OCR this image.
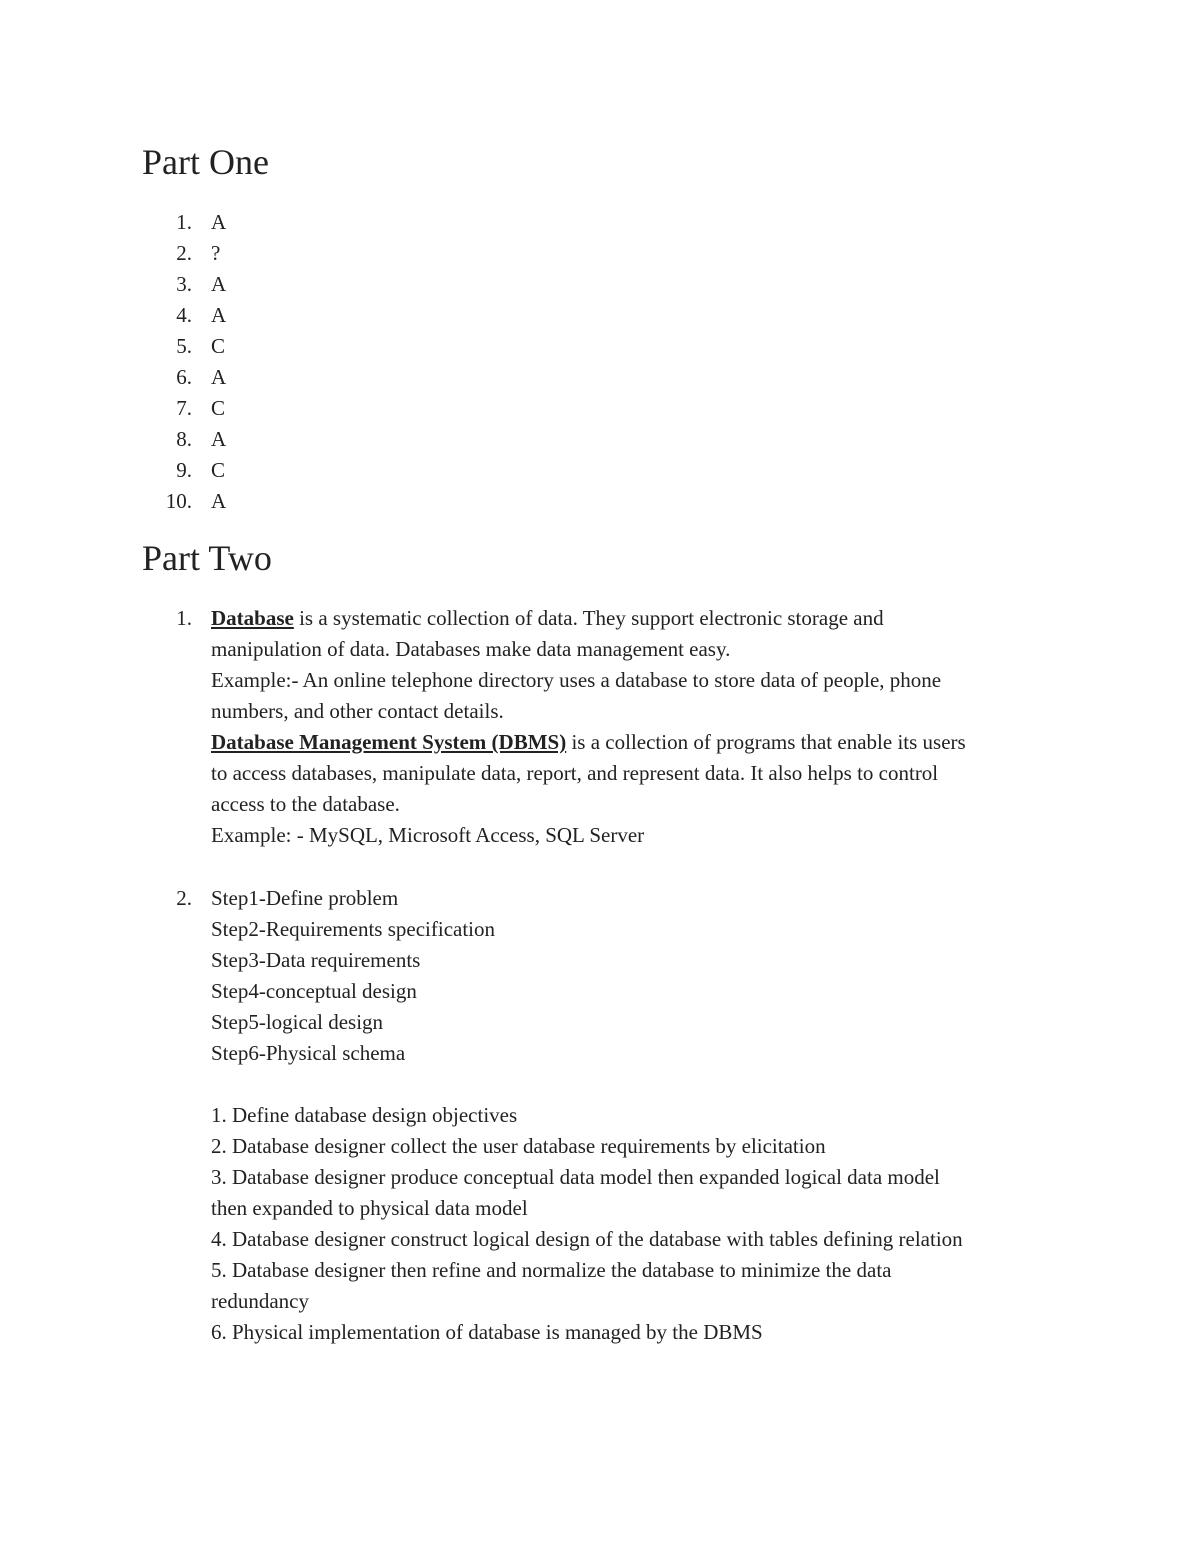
Part One
1. A
2. ?
3. A
4. A
5. C
6. A
7. C
8. A
9. C
10. A
Part Two
1. Database is a systematic collection of data. They support electronic storage and
manipulation of data. Databases make data management easy.
Example:- An online telephone directory uses a database to store data of people, phone
numbers, and other contact details.
Database Management System (DBMS) is a collection of programs that enable its users
to access databases, manipulate data, report, and represent data. It also helps to control
access to the database.
Example: - MySQL, Microsoft Access, SQL Server
2. Step1-Define problem
Step2-Requirements specification
Step3-Data requirements
Step4-conceptual design
Step5-logical design
Step6-Physical schema
1. Define database design objectives
2. Database designer collect the user database requirements by elicitation
3. Database designer produce conceptual data model then expanded logical data model
then expanded to physical data model
4. Database designer construct logical design of the database with tables defining relation
5. Database designer then refine and normalize the database to minimize the data
redundancy
6. Physical implementation of database is managed by the DBMS
